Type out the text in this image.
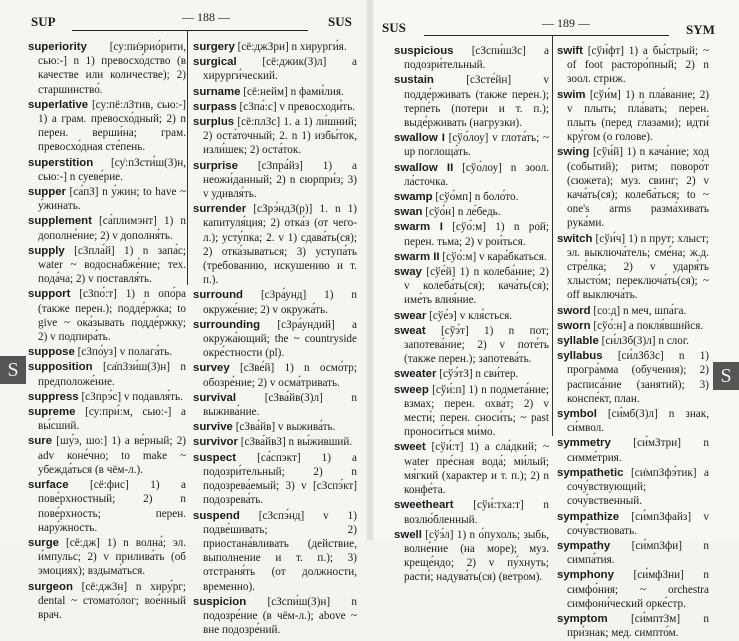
SUP	— 188 —	SUS
superiority [су:пи̇эрио́рити, сью:-] n 1) превосхо́дство (в качестве или количестве); 2) старшинство́.
superlative [су:пё:лЗтив, сью:-] 1) a грам. превосхо́дный; 2) n перен. верши́на; грам. превосхо́дная сте́пень.
superstition [су̇:пЗсти́ш(З)н, сью:-] n суеве́рие.
supper [са́пЗ] n у́жин; to have ~ у́жинать.
supplement [са́плимэнт] 1) n дополне́ние; 2) v дополня́ть.
supply [сЗпла́й] 1) n запа́с; water ~ водоснабже́ние; тех. пода́ча; 2) v поставля́ть.
support [сЗпо́:т] 1) n опо́ра (также перен.); подде́ржка; to give ~ ока́зывать подде́ржку; 2) v подпира́ть.
suppose [сЗпо́уз] v полага́ть.
supposition [са̇пЗзи́ш(З)н] n предположе́ние.
suppress [сЗпрэ́с] v подавля́ть.
supreme [су:при́:м, сью:-] a вы́сший.
sure [шу́э, шо:] 1) a ве́рный; 2) adv коне́чно; to make ~ убежда́ться (в чём-л.).
surface [сё:фис] 1) a пове́рхностный; 2) n пове́рхность; перен. нару́жность.
surge [сё:дж] 1) n волна́; эл. и́мпульс; 2) v прилива́ть (об эмоциях); вздыма́ться.
surgeon [сё:джЗн] n хиру́рг; dental ~ стомато́лог; вое́нный врач.
surgery [сё:джЗри] n хирурги́я.
surgical [сё:джик(З)л] a хирурги́ческий.
surname [сё:нейм] n фами́лия.
surpass [сЗпа́:с] v превосходи́ть.
surplus [сё:плЗс] 1. a 1) ли́шний; 2) оста́точный; 2. n 1) избы́ток, изли́шек; 2) оста́ток.
surprise [сЗпра́йз] 1) a неожи́данный; 2) n сюрпри́з; 3) v удивля́ть.
surrender [сЗрэ́ндЗ(р)] 1. n 1) капитуля́ция; 2) отка́з (от чего-л.); усту́пка; 2. v 1) сдава́ть(ся); 2) отка́зываться; 3) уступа́ть (требованию, искушению и т. п.).
surround [сЗра́унд] 1) n окруже́ние; 2) v окружа́ть.
surrounding [сЗра́ундий] a окружа́ющий; the ~ countryside окре́стности (pl).
survey [сЗве́й] 1) n осмо́тр; обозре́ние; 2) v осма́тривать.
survival	[сЗва́йв(З)л]	n выжива́ние.
survive [сЗва́йв] v выжива́ть.
survivor [сЗва́йвЗ] n вы́живший.
suspect [са́спэкт] 1) a подозри́тельный; 2) n подозрева́емый; 3) v [сЗспэ́кт] подозрева́ть.
suspend [сЗспэ́нд] v 1) подве́шивать; 2) приостана́вливать (действие, выполнение и т. п.); 3) отстраня́ть (от должности, временно).
suspicion [сЗспи́ш(З)н] n подозре́ние (в чём-л.); above ~ вне подозре́ний.
S
SUS	— 189 —	SYM
suspicious [сЗспи́шЗс] a подозри́тельный.
sustain	[сЗсте́йн]	v подде́рживать (также перен.); терпе́ть (потери и т. п.); выде́рживать (нагрузки).
swallow I [сўо́лоу] v глота́ть; ~ up поглоща́ть.
swallow II [сўо́лоу] n зоол. ла́сточка.
swamp [сўо́мп] n боло́то.
swan [сўо́н] n ле́бедь.
swarm I [сўо́:м] 1) n рой; перен. тьма; 2) v рои́ться.
swarm II [сўо́:м] v кара́бкаться.
sway [сўе́й] 1) n колеба́ние; 2) v колеба́ть(ся); кача́ть(ся); име́ть влия́ние.
swear [сўе́э] v кля́сться.
sweat [сўэ́т] 1) n пот; запотева́ние; 2) v поте́ть (также перен.); запотева́ть.
sweater [сўэ́тЗ] n сви́тер.
sweep [сўи́:п] 1) n подмета́ние; взмах; перен. охва́т; 2) v мести́; перен. сноси́ть; ~ past проноси́ться ми́мо.
sweet [сўи́:т] 1) a сла́дкий; ~ water пре́сная вода́; ми́лый; мя́гкий (характер и т. п.); 2) n конфе́та.
sweetheart [сўи́:тха:т] n возлю́бленный.
swell [сўэ́л] 1) n о́пухоль; зыбь, волне́ние (на море); муз. креще́ндо; 2) v пу́хнуть; расти́; надува́ть(ся) (ветром).
swift [сўи́фт] 1) a бы́стрый; ~ of foot расторо́пный; 2) n зоол. стриж.
swim [сўи́м] 1) n пла́вание; 2) v плыть; пла́вать; перен. плыть (перед глазами); идти́ кру́гом (о голове).
swing [сўи́й] 1) n кача́ние; ход (событий); ритм; поворо́т (сюжета); муз. свинг; 2) v кача́ть(ся); колеба́ться; to ~ one's arms разма́хивать рука́ми.
switch [сўи́ч] 1) n прут; хлыст; эл. выключа́тель; сме́на; ж.д. стре́лка; 2) v ударя́ть хлысто́м; переключа́ть(ся); ~ off выключа́ть.
sword [со:д] n меч, шпа́га.
sworn [сўо́:н] a покля́вшийся.
syllable [си́лЗб(З)л] n слог.
syllabus [си́лЗбЗс] n 1) програ́мма (обучения); 2) расписа́ние (занятий); 3) конспе́кт, план.
symbol [си́мб(З)л] n знак, си́мвол.
symmetry [си́мЗтри] n симме́трия.
sympathetic [си̇мпЗфэ́тик] a сочу́вствующий; сочу́вственный.
sympathize [си́мпЗфайз] v сочу́вствовать.
sympathy [си́мпЗфи] n симпа́тия.
symphony [си́мфЗни] n симфо́ния; ~ orchestra симфони́ческий орке́стр.
symptom [си́мптЗм] n при́знак; мед. симпто́м.
S
